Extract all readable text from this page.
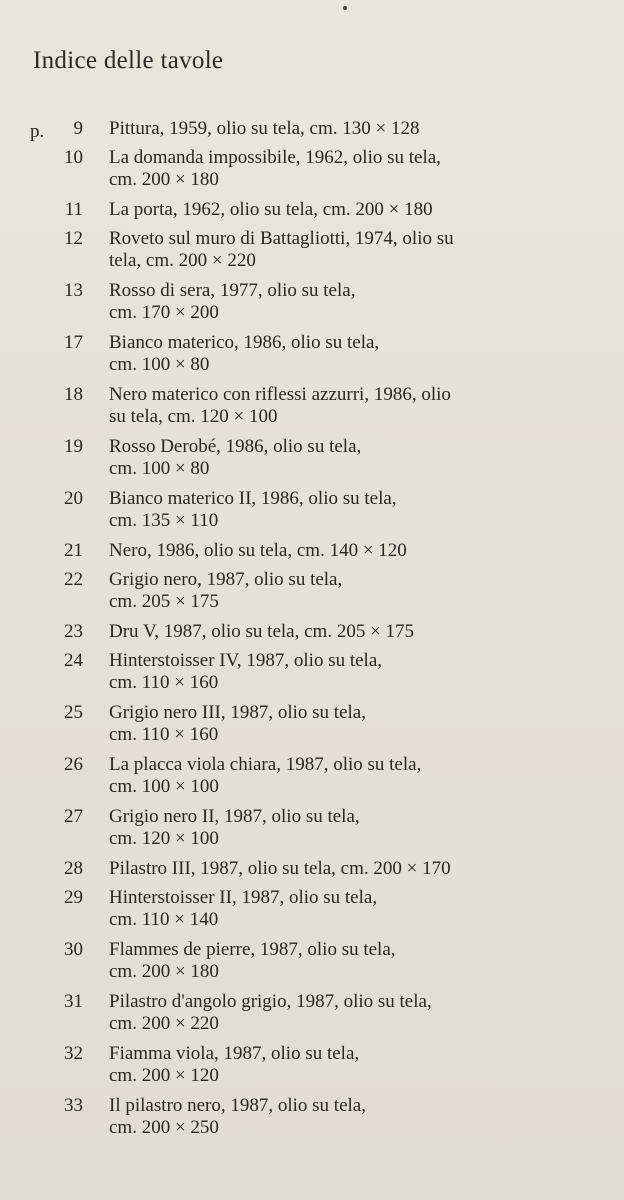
Indice delle tavole
p. 9 Pittura, 1959, olio su tela, cm. 130 × 128
10 La domanda impossibile, 1962, olio su tela,
cm. 200 × 180
11 La porta, 1962, olio su tela, cm. 200 × 180
12 Roveto sul muro di Battagliotti, 1974, olio su
tela, cm. 200 × 220
13 Rosso di sera, 1977, olio su tela,
cm. 170 × 200
17 Bianco materico, 1986, olio su tela,
cm. 100 × 80
18 Nero materico con riflessi azzurri, 1986, olio
su tela, cm. 120 × 100
19 Rosso Derobé, 1986, olio su tela,
cm. 100 × 80
20 Bianco materico II, 1986, olio su tela,
cm. 135 × 110
21 Nero, 1986, olio su tela, cm. 140 × 120
22 Grigio nero, 1987, olio su tela,
cm. 205 × 175
23 Dru V, 1987, olio su tela, cm. 205 × 175
24 Hinterstoisser IV, 1987, olio su tela,
cm. 110 × 160
25 Grigio nero III, 1987, olio su tela,
cm. 110 × 160
26 La placca viola chiara, 1987, olio su tela,
cm. 100 × 100
27 Grigio nero II, 1987, olio su tela,
cm. 120 × 100
28 Pilastro III, 1987, olio su tela, cm. 200 × 170
29 Hinterstoisser II, 1987, olio su tela,
cm. 110 × 140
30 Flammes de pierre, 1987, olio su tela,
cm. 200 × 180
31 Pilastro d'angolo grigio, 1987, olio su tela,
cm. 200 × 220
32 Fiamma viola, 1987, olio su tela,
cm. 200 × 120
33 Il pilastro nero, 1987, olio su tela,
cm. 200 × 250
